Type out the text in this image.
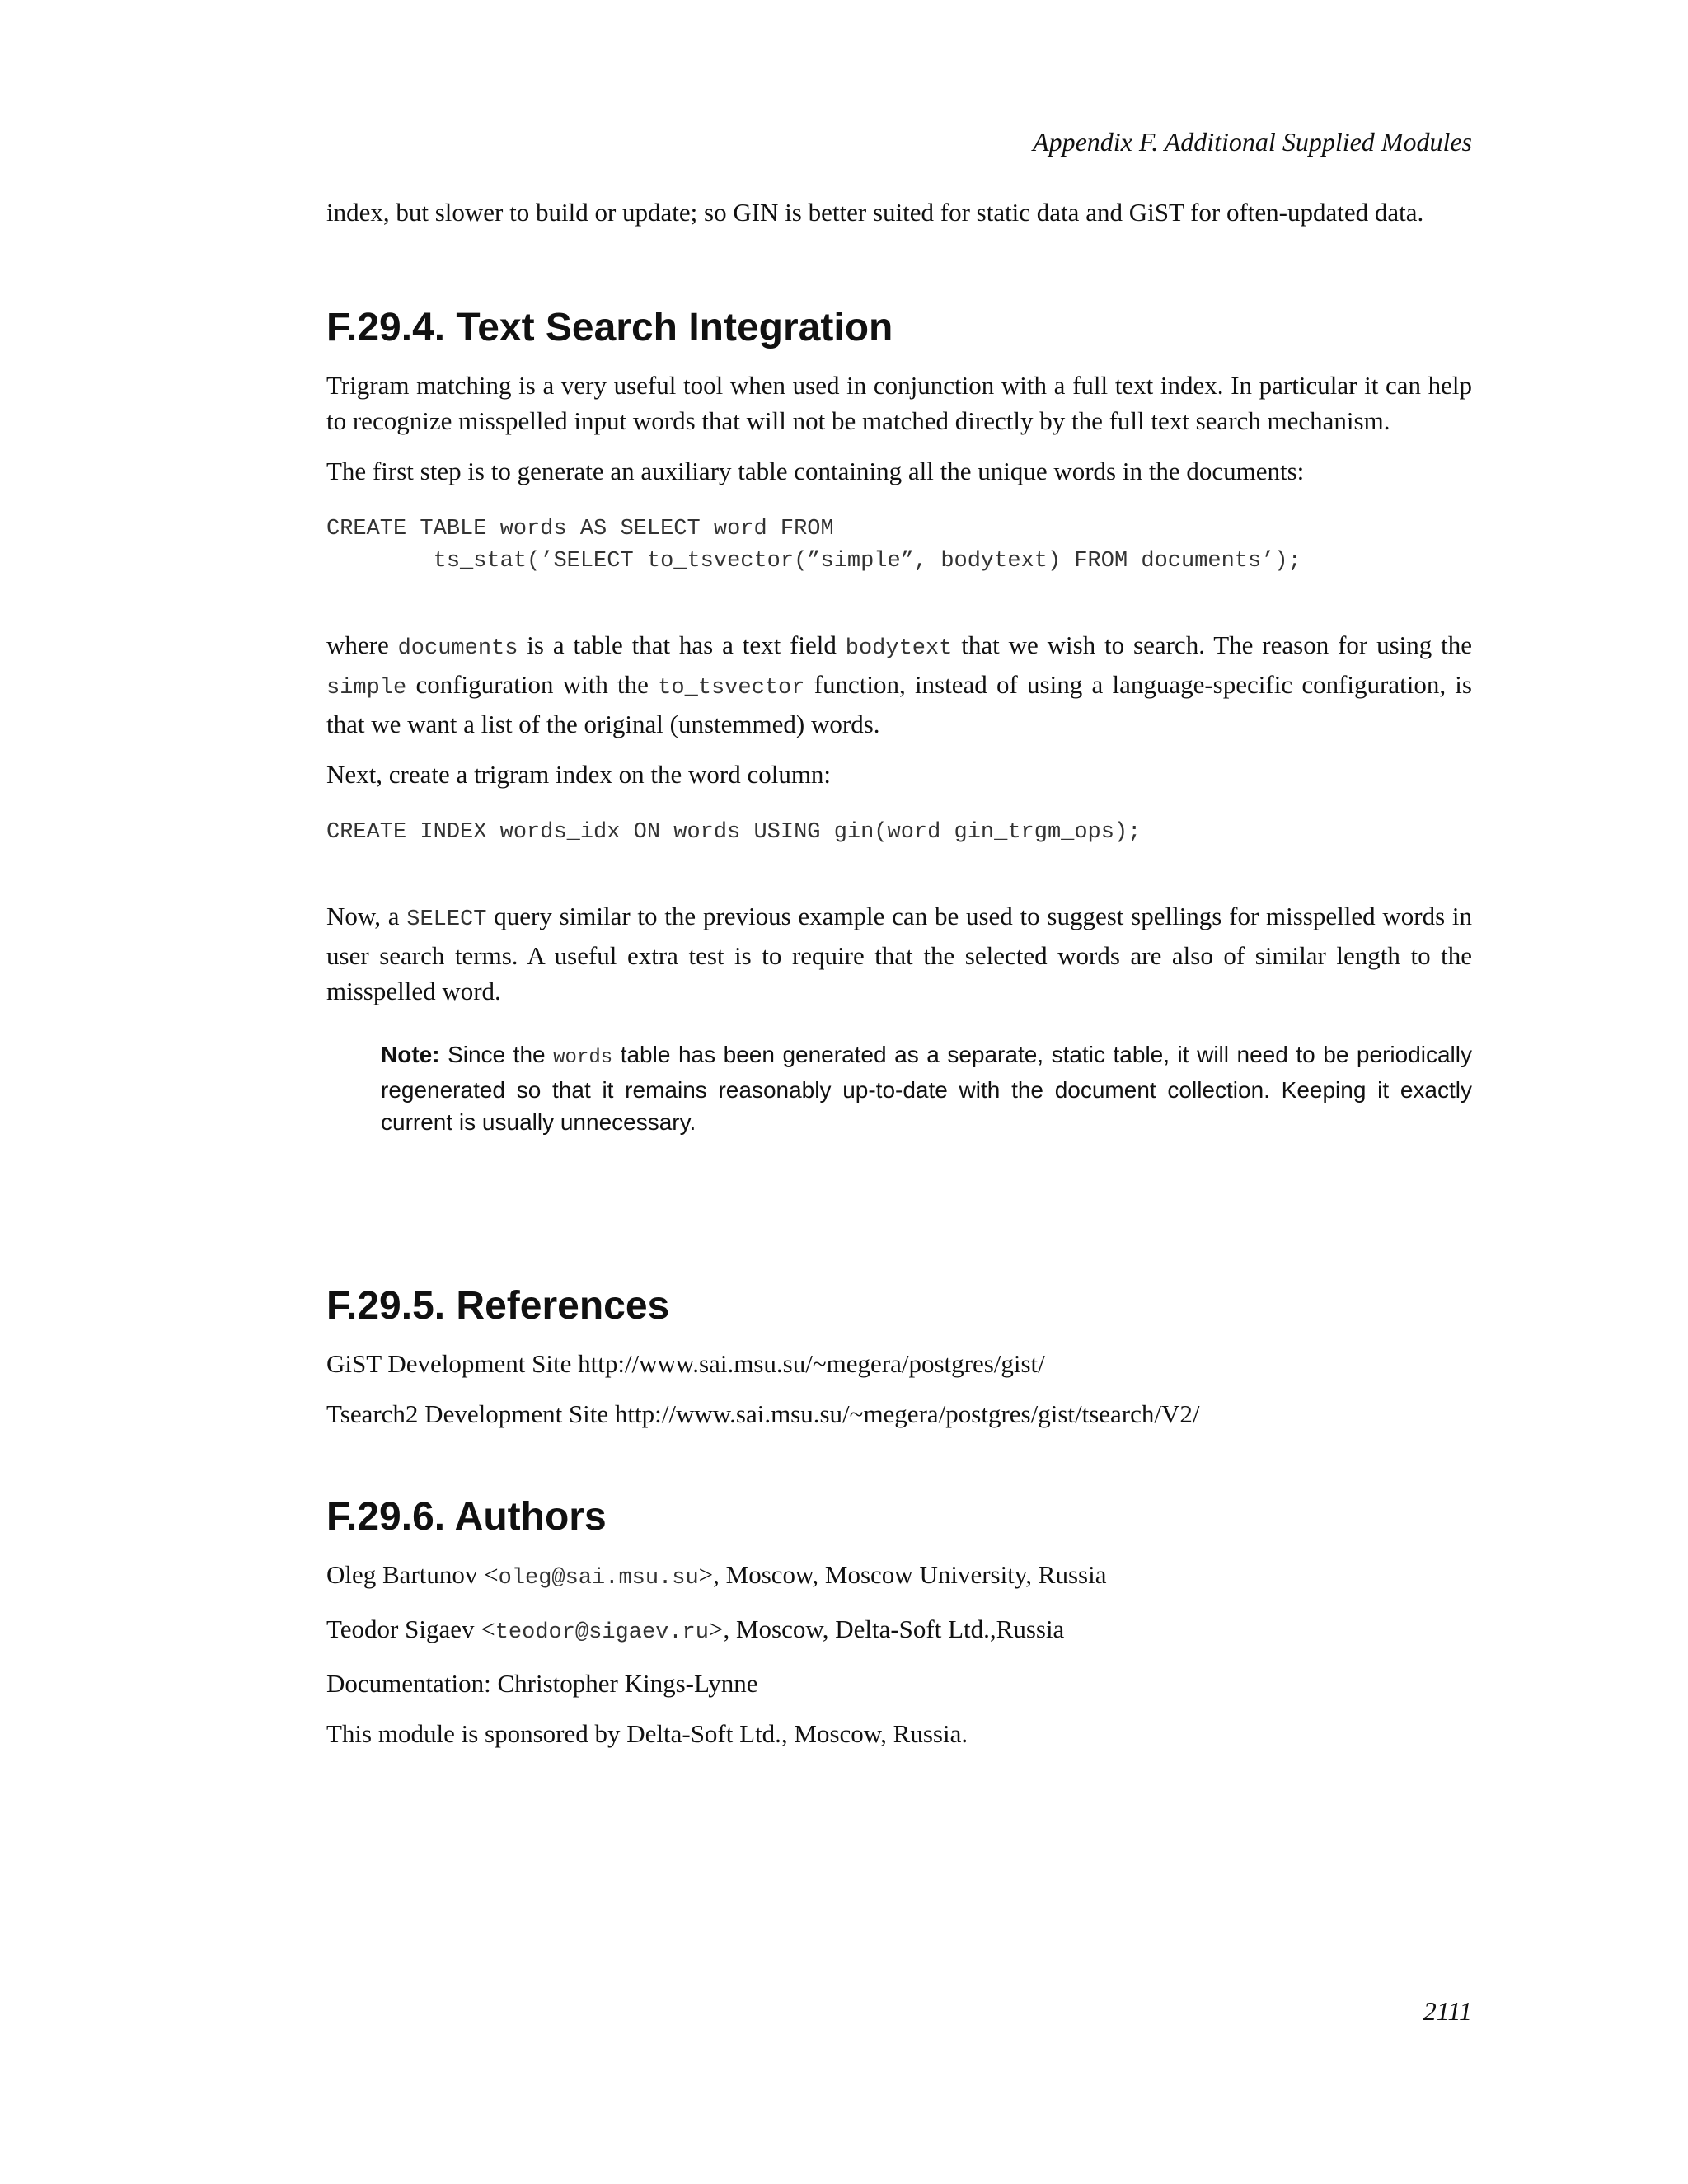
Appendix F. Additional Supplied Modules

index, but slower to build or update; so GIN is better suited for static data and GiST for often-updated data.

F.29.4. Text Search Integration

Trigram matching is a very useful tool when used in conjunction with a full text index. In particular it can help to recognize misspelled input words that will not be matched directly by the full text search mechanism.

The first step is to generate an auxiliary table containing all the unique words in the documents:

CREATE TABLE words AS SELECT word FROM
ts_stat(’SELECT to_tsvector(”simple”, bodytext) FROM documents’);

where documents is a table that has a text field bodytext that we wish to search. The reason for using the simple configuration with the to_tsvector function, instead of using a language-specific configuration, is that we want a list of the original (unstemmed) words.

Next, create a trigram index on the word column:

CREATE INDEX words_idx ON words USING gin(word gin_trgm_ops);

Now, a SELECT query similar to the previous example can be used to suggest spellings for misspelled words in user search terms. A useful extra test is to require that the selected words are also of similar length to the misspelled word.

Note: Since the words table has been generated as a separate, static table, it will need to be periodically regenerated so that it remains reasonably up-to-date with the document collection. Keeping it exactly current is usually unnecessary.
F.29.5. References

GiST Development Site http://www.sai.msu.su/~megera/postgres/gist/

Tsearch2 Development Site http://www.sai.msu.su/~megera/postgres/gist/tsearch/V2/

F.29.6. Authors

Oleg Bartunov <oleg@sai.msu.su>, Moscow, Moscow University, Russia

Teodor Sigaev <teodor@sigaev.ru>, Moscow, Delta-Soft Ltd.,Russia

Documentation: Christopher Kings-Lynne

This module is sponsored by Delta-Soft Ltd., Moscow, Russia.

2111
